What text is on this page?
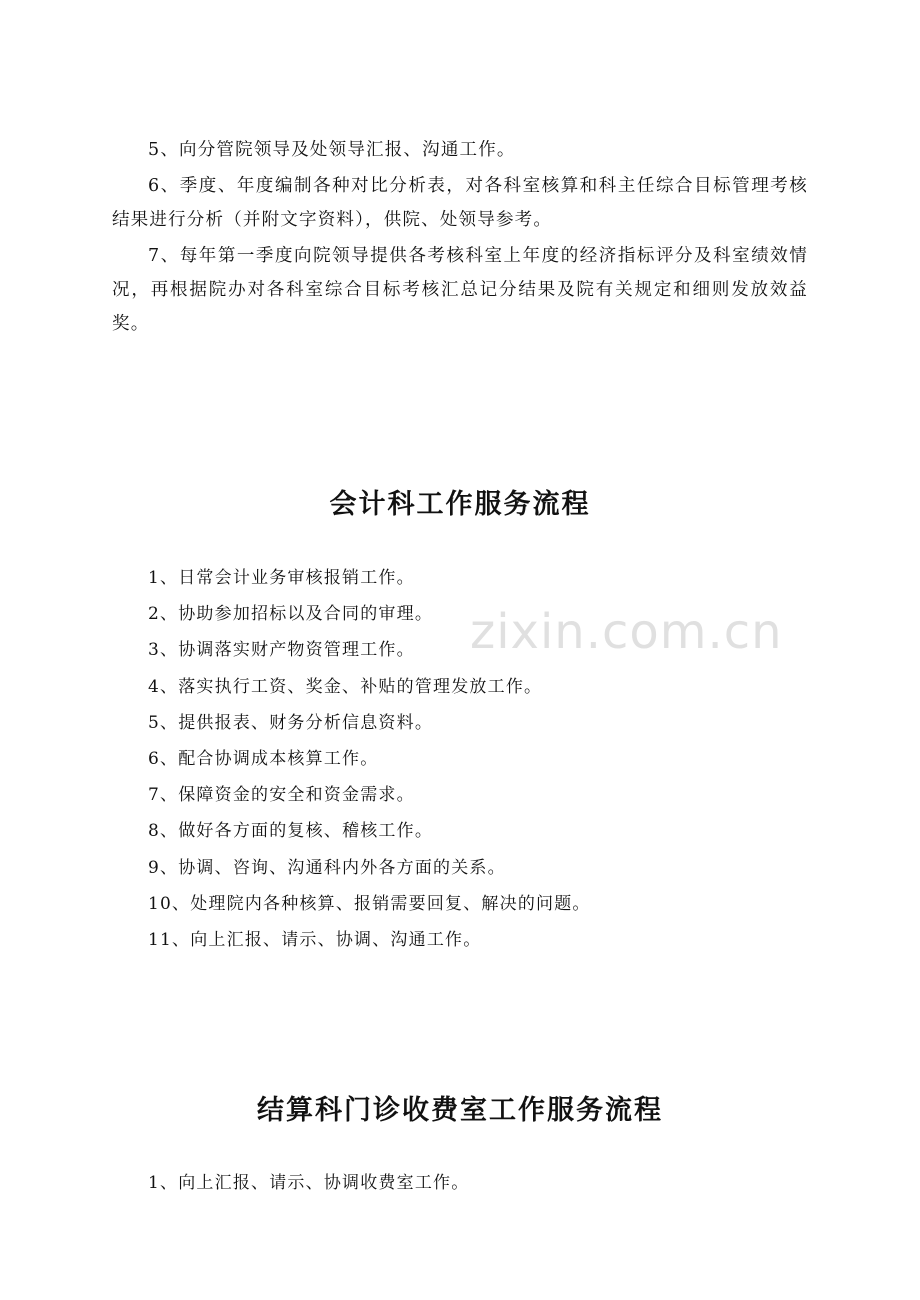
zixin.com.cn

5、向分管院领导及处领导汇报、沟通工作。

6、季度、年度编制各种对比分析表，对各科室核算和科主任综合目标管理考核结果进行分析（并附文字资料），供院、处领导参考。

7、每年第一季度向院领导提供各考核科室上年度的经济指标评分及科室绩效情况，再根据院办对各科室综合目标考核汇总记分结果及院有关规定和细则发放效益奖。

会计科工作服务流程
1、日常会计业务审核报销工作。
2、协助参加招标以及合同的审理。
3、协调落实财产物资管理工作。
4、落实执行工资、奖金、补贴的管理发放工作。
5、提供报表、财务分析信息资料。
6、配合协调成本核算工作。
7、保障资金的安全和资金需求。
8、做好各方面的复核、稽核工作。
9、协调、咨询、沟通科内外各方面的关系。
10、处理院内各种核算、报销需要回复、解决的问题。
11、向上汇报、请示、协调、沟通工作。
结算科门诊收费室工作服务流程
1、向上汇报、请示、协调收费室工作。
